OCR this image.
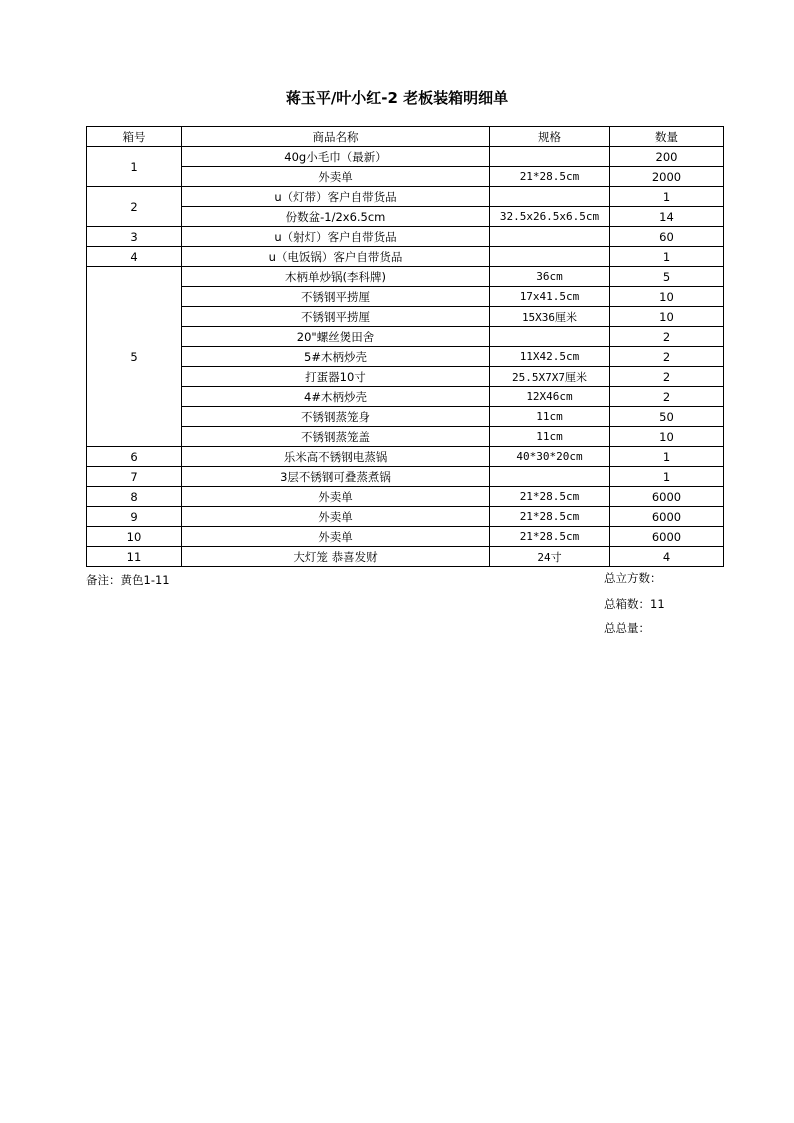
蒋玉平/叶小红-2 老板装箱明细单
箱号	商品名称	规格	数量
1	40g小毛巾（最新）		200
	外卖单	21*28.5cm	2000
2	u（灯带）客户自带货品		1
	份数盆-1/2x6.5cm	32.5x26.5x6.5cm	14
3	u（射灯）客户自带货品		60
4	u（电饭锅）客户自带货品		1
5	木柄单炒锅(李科牌)	36cm	5
	不锈钢平捞厘	17x41.5cm	10
	不锈钢平捞厘	15X36厘米	10
	20"螺丝煲田舍		2
	5#木柄炒壳	11X42.5cm	2
	打蛋器10寸	25.5X7X7厘米	2
	4#木柄炒壳	12X46cm	2
	不锈钢蒸笼身	11cm	50
	不锈钢蒸笼盖	11cm	10
6	乐米高不锈钢电蒸锅	40*30*20cm	1
7	3层不锈钢可叠蒸煮锅		1
8	外卖单	21*28.5cm	6000
9	外卖单	21*28.5cm	6000
10	外卖单	21*28.5cm	6000
11	大灯笼 恭喜发财	24寸	4
备注：黄色1-11	总立方数：
总箱数：11
总总量：
